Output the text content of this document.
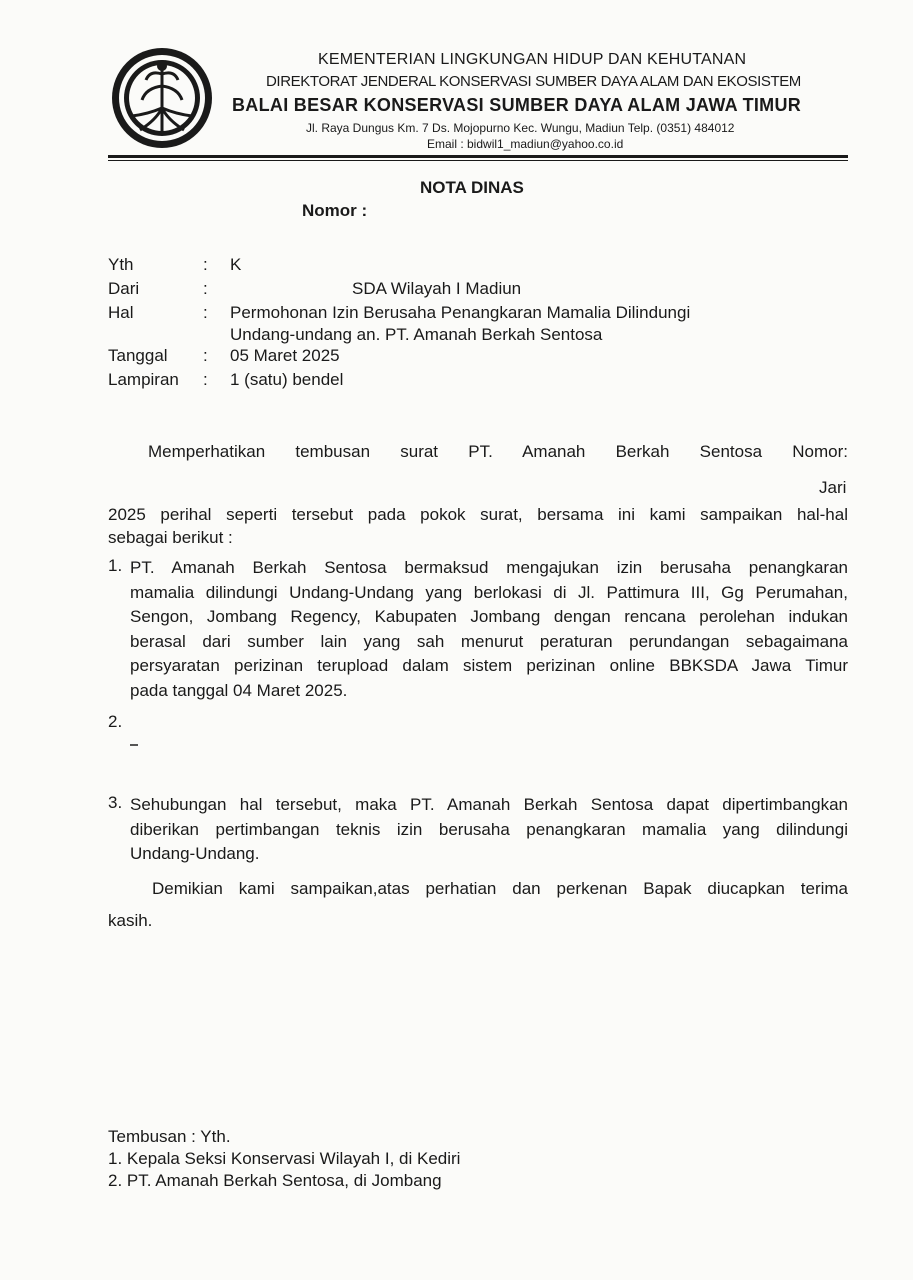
KEMENTERIAN LINGKUNGAN HIDUP DAN KEHUTANAN
DIREKTORAT JENDERAL KONSERVASI SUMBER DAYA ALAM DAN EKOSISTEM
BALAI BESAR KONSERVASI SUMBER DAYA ALAM JAWA TIMUR
Jl. Raya Dungus Km. 7 Ds. Mojopurno Kec. Wungu, Madiun Telp. (0351) 484012
Email : bidwil1_madiun@yahoo.co.id
NOTA DINAS
Nomor :
Yth	: K
Dari	:	SDA Wilayah I Madiun
Hal	: Permohonan Izin Berusaha Penangkaran Mamalia Dilindungi
Undang-undang an. PT. Amanah Berkah Sentosa
Tanggal : 05 Maret 2025
Lampiran : 1 (satu) bendel
Memperhatikan tembusan surat PT. Amanah Berkah Sentosa Nomor:
Jari
2025 perihal seperti tersebut pada pokok surat, bersama ini kami sampaikan hal-hal
sebagai berikut :
1. PT. Amanah Berkah Sentosa bermaksud mengajukan izin berusaha penangkaran
mamalia dilindungi Undang-Undang yang berlokasi di Jl. Pattimura III, Gg Perumahan,
Sengon, Jombang Regency, Kabupaten Jombang dengan rencana perolehan indukan
berasal dari sumber lain yang sah menurut peraturan perundangan sebagaimana
persyaratan perizinan terupload dalam sistem perizinan online BBKSDA Jawa Timur
pada tanggal 04 Maret 2025.
2.
3. Sehubungan hal tersebut, maka PT. Amanah Berkah Sentosa dapat dipertimbangkan
diberikan pertimbangan teknis izin berusaha penangkaran mamalia yang dilindungi
Undang-Undang.
Demikian kami sampaikan,atas perhatian dan perkenan Bapak diucapkan terima
kasih.
Tembusan : Yth.
1. Kepala Seksi Konservasi Wilayah I, di Kediri
2. PT. Amanah Berkah Sentosa, di Jombang
